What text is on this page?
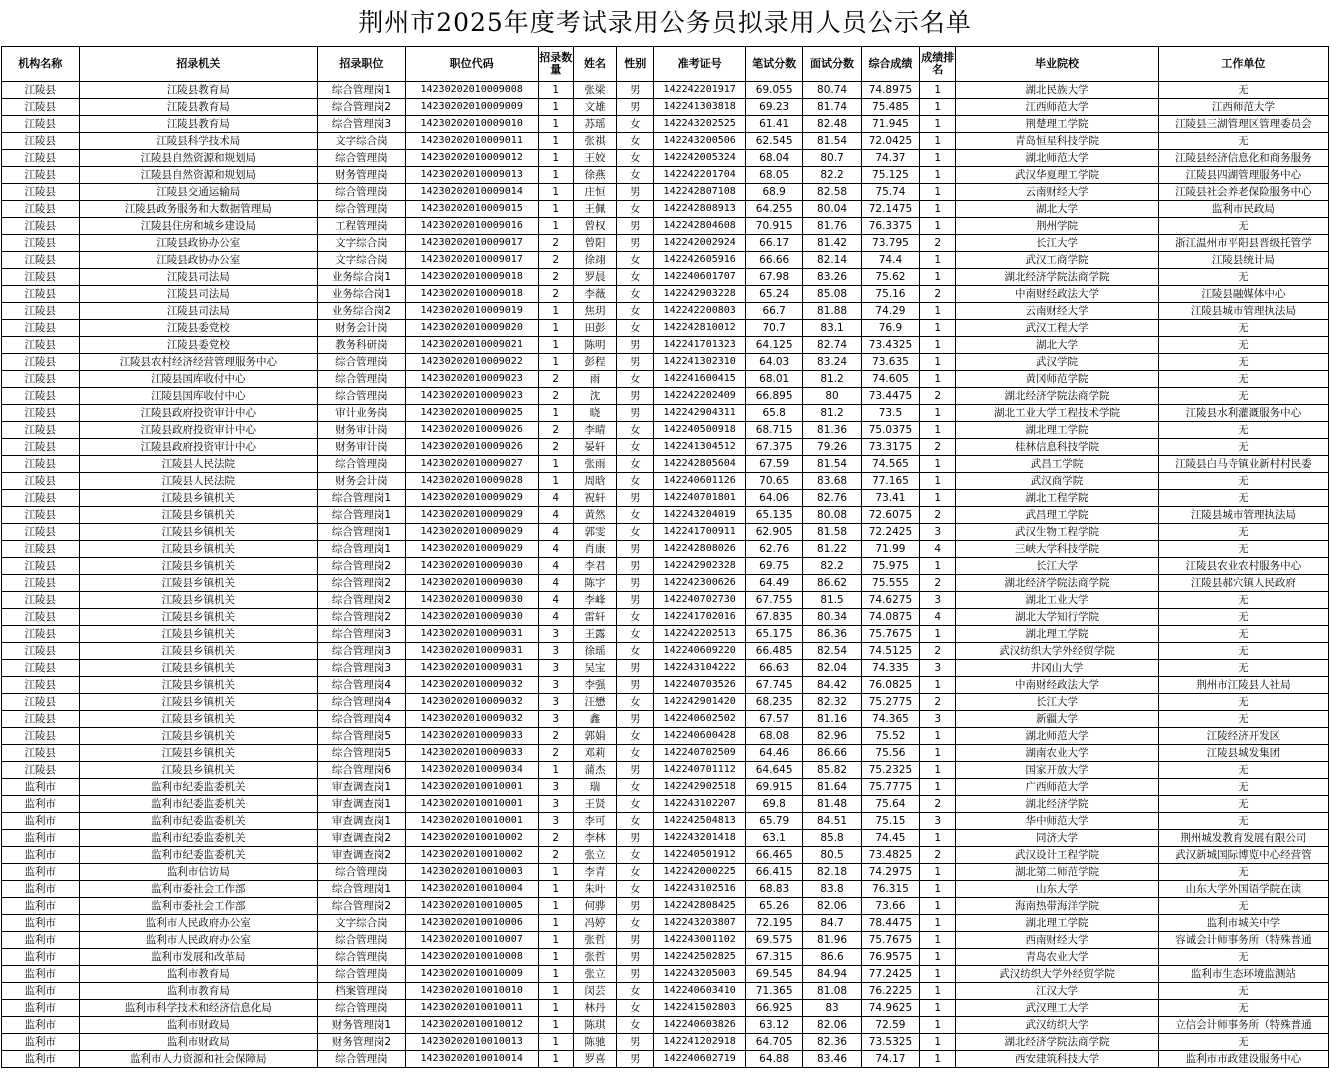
荆州市2025年度考试录用公务员拟录用人员公示名单
机构名称	招录机关	招录职位	职位代码	招录数量	姓名	性别	准考证号	笔试分数	面试分数	综合成绩	成绩排名	毕业院校	工作单位
江陵县	江陵县教育局	综合管理岗1	14230202010009008	1	张梁	男	142242201917	69.055	80.74	74.8975	1	湖北民族大学	无
江陵县	江陵县教育局	综合管理岗2	14230202010009009	1	文雄	男	142241303818	69.23	81.74	75.485	1	江西师范大学	江西师范大学
江陵县	江陵县教育局	综合管理岗3	14230202010009010	1	苏瑶	女	142243202525	61.41	82.48	71.945	1	荆楚理工学院	江陵县三湖管理区管理委员会
江陵县	江陵县科学技术局	文字综合岗	14230202010009011	1	张祺	女	142243200506	62.545	81.54	72.0425	1	青岛恒星科技学院	无
江陵县	江陵县自然资源和规划局	综合管理岗	14230202010009012	1	王姣	女	142242005324	68.04	80.7	74.37	1	湖北师范大学	江陵县经济信息化和商务服务
江陵县	江陵县自然资源和规划局	财务管理岗	14230202010009013	1	徐燕	女	142242201704	68.05	82.2	75.125	1	武汉华夏理工学院	江陵县四湖管理服务中心
江陵县	江陵县交通运输局	综合管理岗	14230202010009014	1	庄恒	男	142242807108	68.9	82.58	75.74	1	云南财经大学	江陵县社会养老保险服务中心
江陵县	江陵县政务服务和大数据管理局	综合管理岗	14230202010009015	1	王佩	女	142242808913	64.255	80.04	72.1475	1	湖北大学	监利市民政局
江陵县	江陵县住房和城乡建设局	工程管理岗	14230202010009016	1	曾权	男	142242804608	70.915	81.76	76.3375	1	荆州学院	无
江陵县	江陵县政协办公室	文字综合岗	14230202010009017	2	曾阳	男	142242002924	66.17	81.42	73.795	2	长江大学	浙江温州市平阳县晋级托管学
江陵县	江陵县政协办公室	文字综合岗	14230202010009017	2	徐翊	女	142242605916	66.66	82.14	74.4	1	武汉工商学院	江陵县统计局
江陵县	江陵县司法局	业务综合岗1	14230202010009018	2	罗晨	女	142240601707	67.98	83.26	75.62	1	湖北经济学院法商学院	无
江陵县	江陵县司法局	业务综合岗1	14230202010009018	2	李薇	女	142242903228	65.24	85.08	75.16	2	中南财经政法大学	江陵县融媒体中心
江陵县	江陵县司法局	业务综合岗2	14230202010009019	1	焦玥	女	142242200803	66.7	81.88	74.29	1	云南财经大学	江陵县城市管理执法局
江陵县	江陵县委党校	财务会计岗	14230202010009020	1	田彭	女	142242810012	70.7	83.1	76.9	1	武汉工程大学	无
江陵县	江陵县委党校	教务科研岗	14230202010009021	1	陈明	男	142241701323	64.125	82.74	73.4325	1	湖北大学	无
江陵县	江陵县农村经济经营管理服务中心	综合管理岗	14230202010009022	1	彭程	男	142241302310	64.03	83.24	73.635	1	武汉学院	无
江陵县	江陵县国库收付中心	综合管理岗	14230202010009023	2	雨	女	142241600415	68.01	81.2	74.605	1	黄冈师范学院	无
江陵县	江陵县国库收付中心	综合管理岗	14230202010009023	2	沈	男	142242202409	66.895	80	73.4475	2	湖北经济学院法商学院	无
江陵县	江陵县政府投资审计中心	审计业务岗	14230202010009025	1	晓	男	142242904311	65.8	81.2	73.5	1	湖北工业大学工程技术学院	江陵县水利灌溉服务中心
江陵县	江陵县政府投资审计中心	财务审计岗	14230202010009026	2	李晴	女	142240500918	68.715	81.36	75.0375	1	湖北理工学院	无
江陵县	江陵县政府投资审计中心	财务审计岗	14230202010009026	2	晏轩	女	142241304512	67.375	79.26	73.3175	2	桂林信息科技学院	无
江陵县	江陵县人民法院	综合管理岗	14230202010009027	1	张雨	女	142242805604	67.59	81.54	74.565	1	武昌工学院	江陵县白马寺镇业新村村民委
江陵县	江陵县人民法院	财务会计岗	14230202010009028	1	周晗	女	142240601126	70.65	83.68	77.165	1	武汉商学院	无
江陵县	江陵县乡镇机关	综合管理岗1	14230202010009029	4	祝轩	男	142240701801	64.06	82.76	73.41	1	湖北工程学院	无
江陵县	江陵县乡镇机关	综合管理岗1	14230202010009029	4	黄然	女	142243204019	65.135	80.08	72.6075	2	武昌理工学院	江陵县城市管理执法局
江陵县	江陵县乡镇机关	综合管理岗1	14230202010009029	4	郭雯	女	142241700911	62.905	81.58	72.2425	3	武汉生物工程学院	无
江陵县	江陵县乡镇机关	综合管理岗1	14230202010009029	4	肖康	男	142242808026	62.76	81.22	71.99	4	三峡大学科技学院	无
江陵县	江陵县乡镇机关	综合管理岗2	14230202010009030	4	李君	男	142242902328	69.75	82.2	75.975	1	长江大学	江陵县农业农村服务中心
江陵县	江陵县乡镇机关	综合管理岗2	14230202010009030	4	陈宇	男	142242300626	64.49	86.62	75.555	2	湖北经济学院法商学院	江陵县郝穴镇人民政府
江陵县	江陵县乡镇机关	综合管理岗2	14230202010009030	4	李峰	男	142240702730	67.755	81.5	74.6275	3	湖北工业大学	无
江陵县	江陵县乡镇机关	综合管理岗2	14230202010009030	4	雷轩	女	142241702016	67.835	80.34	74.0875	4	湖北大学知行学院	无
江陵县	江陵县乡镇机关	综合管理岗3	14230202010009031	3	王露	女	142242202513	65.175	86.36	75.7675	1	湖北理工学院	无
江陵县	江陵县乡镇机关	综合管理岗3	14230202010009031	3	徐瑶	女	142240609220	66.485	82.54	74.5125	2	武汉纺织大学外经贸学院	无
江陵县	江陵县乡镇机关	综合管理岗3	14230202010009031	3	吴宝	男	142243104222	66.63	82.04	74.335	3	井冈山大学	无
江陵县	江陵县乡镇机关	综合管理岗4	14230202010009032	3	李强	男	142240703526	67.745	84.42	76.0825	1	中南财经政法大学	荆州市江陵县人社局
江陵县	江陵县乡镇机关	综合管理岗4	14230202010009032	3	汪懋	女	142242901420	68.235	82.32	75.2775	2	长江大学	无
江陵县	江陵县乡镇机关	综合管理岗4	14230202010009032	3	鑫	男	142240602502	67.57	81.16	74.365	3	新疆大学	无
江陵县	江陵县乡镇机关	综合管理岗5	14230202010009033	2	郭娟	女	142240600428	68.08	82.96	75.52	1	湖北师范大学	江陵经济开发区
江陵县	江陵县乡镇机关	综合管理岗5	14230202010009033	2	邓莉	女	142240702509	64.46	86.66	75.56	1	湖南农业大学	江陵县城发集团
江陵县	江陵县乡镇机关	综合管理岗6	14230202010009034	1	蒲杰	男	142240701112	64.645	85.82	75.2325	1	国家开放大学	无
监利市	监利市纪委监委机关	审查调查岗1	14230202010010001	3	瑞	女	142242902518	69.915	81.64	75.7775	1	广西师范大学	无
监利市	监利市纪委监委机关	审查调查岗1	14230202010010001	3	王贤	女	142243102207	69.8	81.48	75.64	2	湖北经济学院	无
监利市	监利市纪委监委机关	审查调查岗1	14230202010010001	3	李可	女	142242504813	65.79	84.51	75.15	3	华中师范大学	无
监利市	监利市纪委监委机关	审查调查岗2	14230202010010002	2	李林	男	142243201418	63.1	85.8	74.45	1	同济大学	荆州城发教育发展有限公司
监利市	监利市纪委监委机关	审查调查岗2	14230202010010002	2	张立	女	142240501912	66.465	80.5	73.4825	2	武汉设计工程学院	武汉新城国际博览中心经营管
监利市	监利市信访局	综合管理岗	14230202010010003	1	李青	女	142242000225	66.415	82.18	74.2975	1	湖北第二师范学院	无
监利市	监利市委社会工作部	综合管理岗1	14230202010010004	1	朱叶	女	142243102516	68.83	83.8	76.315	1	山东大学	山东大学外国语学院在读
监利市	监利市委社会工作部	综合管理岗2	14230202010010005	1	何骅	男	142242808425	65.26	82.06	73.66	1	海南热带海洋学院	无
监利市	监利市人民政府办公室	文字综合岗	14230202010010006	1	冯婷	女	142243203807	72.195	84.7	78.4475	1	湖北理工学院	监利市城关中学
监利市	监利市人民政府办公室	综合管理岗	14230202010010007	1	张哲	男	142243001102	69.575	81.96	75.7675	1	西南财经大学	容诚会计师事务所（特殊普通
监利市	监利市发展和改革局	综合管理岗	14230202010010008	1	张哲	男	142242502825	67.315	86.6	76.9575	1	青岛农业大学	无
监利市	监利市教育局	综合管理岗	14230202010010009	1	张立	男	142243205003	69.545	84.94	77.2425	1	武汉纺织大学外经贸学院	监利市生态环境监测站
监利市	监利市教育局	档案管理岗	14230202010010010	1	闵芸	女	142240603410	71.365	81.08	76.2225	1	江汉大学	无
监利市	监利市科学技术和经济信息化局	综合管理岗	14230202010010011	1	林丹	女	142241502803	66.925	83	74.9625	1	武汉理工大学	无
监利市	监利市财政局	财务管理岗1	14230202010010012	1	陈琪	女	142240603826	63.12	82.06	72.59	1	武汉纺织大学	立信会计师事务所（特殊普通
监利市	监利市财政局	财务管理岗2	14230202010010013	1	陈驰	男	142241202918	64.705	82.36	73.5325	1	湖北经济学院法商学院	无
监利市	监利市人力资源和社会保障局	综合管理岗	14230202010010014	1	罗喜	男	142240602719	64.88	83.46	74.17	1	西安建筑科技大学	监利市市政建设服务中心
